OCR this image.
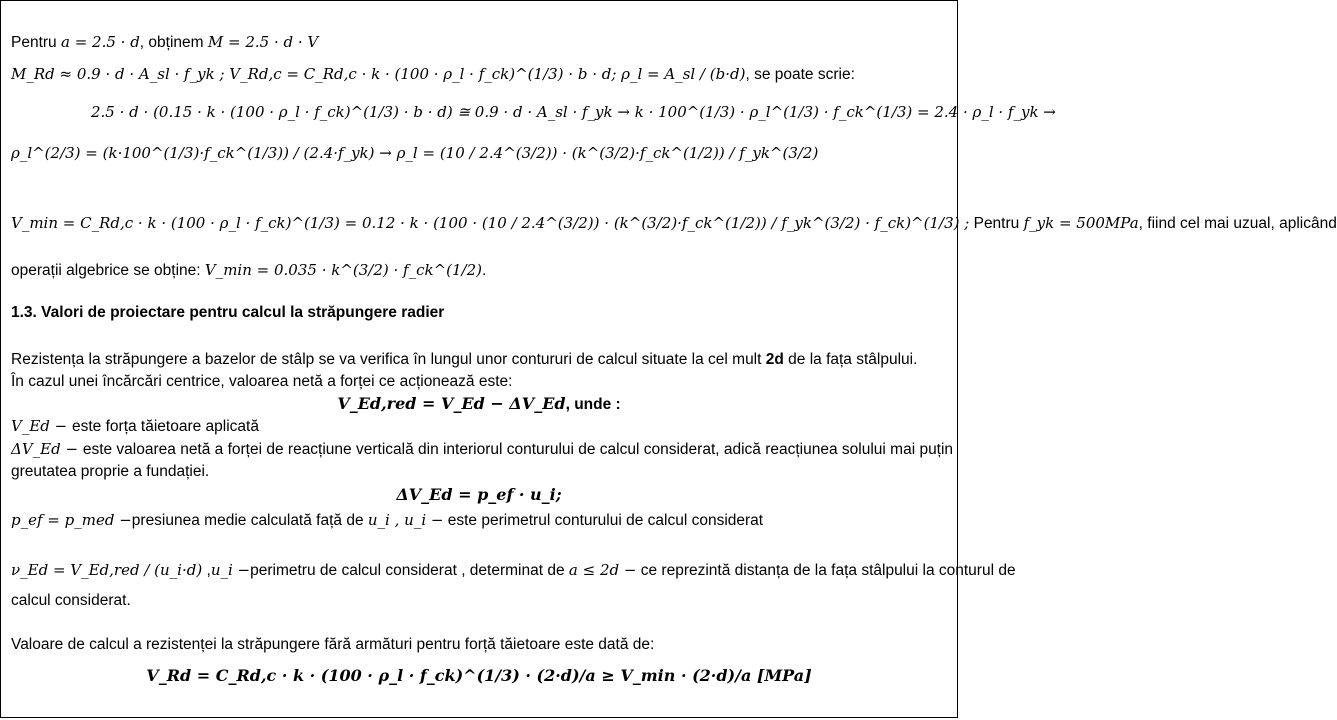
Pentru a = 2.5 · d, obținem M = 2.5 · d · V
M_Rd ≈ 0.9 · d · A_sl · f_yk ; V_Rd,c = C_Rd,c · k · (100 · ρ_l · f_ck)^(1/3) · b · d; ρ_l = A_sl / (b·d), se poate scrie:
2.5 · d · (0.15 · k · (100 · ρ_l · f_ck)^(1/3) · b · d) ≅ 0.9 · d · A_sl · f_yk → k · 100^(1/3) · ρ_l^(1/3) · f_ck^(1/3) = 2.4 · ρ_l · f_yk →
ρ_l^(2/3) = (k·100^(1/3)·f_ck^(1/3)) / (2.4·f_yk) → ρ_l = (10 / 2.4^(3/2)) · (k^(3/2)·f_ck^(1/2)) / f_yk^(3/2)
V_min = C_Rd,c · k · (100 · ρ_l · f_ck)^(1/3) = 0.12 · k · (100 · (10 / 2.4^(3/2)) · (k^(3/2)·f_ck^(1/2)) / f_yk^(3/2) · f_ck)^(1/3) ; Pentru f_yk = 500MPa, fiind cel mai uzual, aplicând
operații algebrice se obține: V_min = 0.035 · k^(3/2) · f_ck^(1/2).
1.3. Valori de proiectare pentru calcul la străpungere radier
Rezistența la străpungere a bazelor de stâlp se va verifica în lungul unor contururi de calcul situate la cel mult 2d de la fața stâlpului.
În cazul unei încărcări centrice, valoarea netă a forței ce acționează este:
V_Ed,red = V_Ed − ΔV_Ed, unde :
V_Ed − este forța tăietoare aplicată
ΔV_Ed − este valoarea netă a forței de reacțiune verticală din interiorul conturului de calcul considerat, adică reacțiunea solului mai puțin
greutatea proprie a fundației.
ΔV_Ed = p_ef · u_i;
p_ef = p_med −presiunea medie calculată față de u_i , u_i − este perimetrul conturului de calcul considerat
ν_Ed = V_Ed,red / (u_i·d) ,u_i −perimetru de calcul considerat , determinat de a ≤ 2d − ce reprezintă distanța de la fața stâlpului la conturul de
calcul considerat.
Valoare de calcul a rezistenței la străpungere fără armături pentru forță tăietoare este dată de:
V_Rd = C_Rd,c · k · (100 · ρ_l · f_ck)^(1/3) · (2·d)/a ≥ V_min · (2·d)/a [MPa]
